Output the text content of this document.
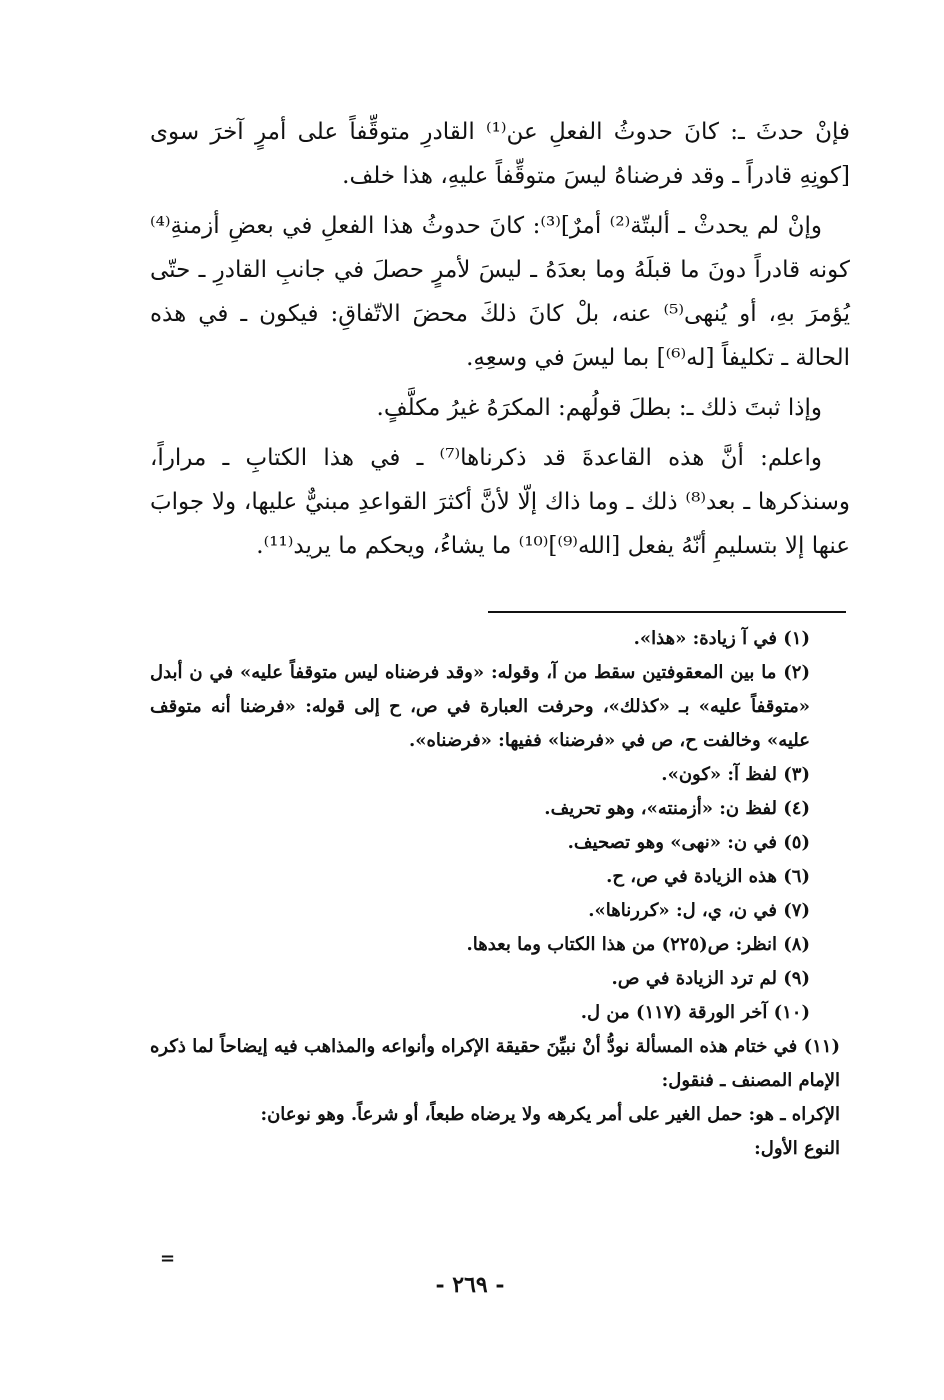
فإنْ حدثَ ـ: كانَ حدوثُ الفعلِ عن⁽¹⁾ القادرِ متوقِّفاً على أمرٍ آخرَ سوى [كونِهِ قادراً ـ وقد فرضناهُ ليسَ متوقِّفاً عليهِ، هذا خلف.

وإنْ لم يحدثْ ـ ألبتّة⁽²⁾ أمرٌ]⁽³⁾: كانَ حدوثُ هذا الفعلِ في بعضِ أزمنةِ⁽⁴⁾ كونه قادراً دونَ ما قبلَهُ وما بعدَهُ ـ ليسَ لأمرٍ حصلَ في جانبِ القادرِ ـ حتّى يُؤمرَ بهِ، أو يُنهى⁽⁵⁾ عنه، بلْ كانَ ذلكَ محضَ الاتّفاقِ: فيكون ـ في هذه الحالة ـ تكليفاً [له⁽⁶⁾] بما ليسَ في وسعِهِ.

وإذا ثبتَ ذلك ـ: بطلَ قولُهم: المكرَهُ غيرُ مكلَّفٍ.

واعلم: أنَّ هذه القاعدةَ قد ذكرناها⁽⁷⁾ ـ في هذا الكتابِ ـ مراراً، وسنذكرها ـ بعد⁽⁸⁾ ذلك ـ وما ذاك إلّا لأنَّ أكثرَ القواعدِ مبنيٌّ عليها، ولا جوابَ عنها إلا بتسليمِ أنّهُ يفعل [الله⁽⁹⁾]⁽¹⁰⁾ ما يشاءُ، ويحكم ما يريد⁽¹¹⁾.

(١) في آ زيادة: «هذا».

(٢) ما بين المعقوفتين سقط من آ، وقوله: «وقد فرضناه ليس متوقفاً عليه» في ن أبدل «متوقفاً عليه» بـ «كذلك»، وحرفت العبارة في ص، ح إلى قوله: «فرضنا أنه متوقف عليه» وخالفت ح، ص في «فرضنا» ففيها: «فرضناه».

(٣) لفظ آ: «كون».

(٤) لفظ ن: «أزمنته»، وهو تحريف.

(٥) في ن: «نهى» وهو تصحيف.

(٦) هذه الزيادة في ص، ح.

(٧) في ن، ي، ل: «كررناها».

(٨) انظر: ص(٢٢٥) من هذا الكتاب وما بعدها.

(٩) لم ترد الزيادة في ص.

(١٠) آخر الورقة (١١٧) من ل.

(١١) في ختام هذه المسألة نودُّ أنْ نبيِّنَ حقيقة الإكراه وأنواعه والمذاهب فيه إيضاحاً لما ذكره الإمام المصنف ـ فنقول:

الإكراه ـ هو: حمل الغير على أمر يكرهه ولا يرضاه طبعاً، أو شرعاً. وهو نوعان:

النوع الأول:

=
- ٢٦٩ -
